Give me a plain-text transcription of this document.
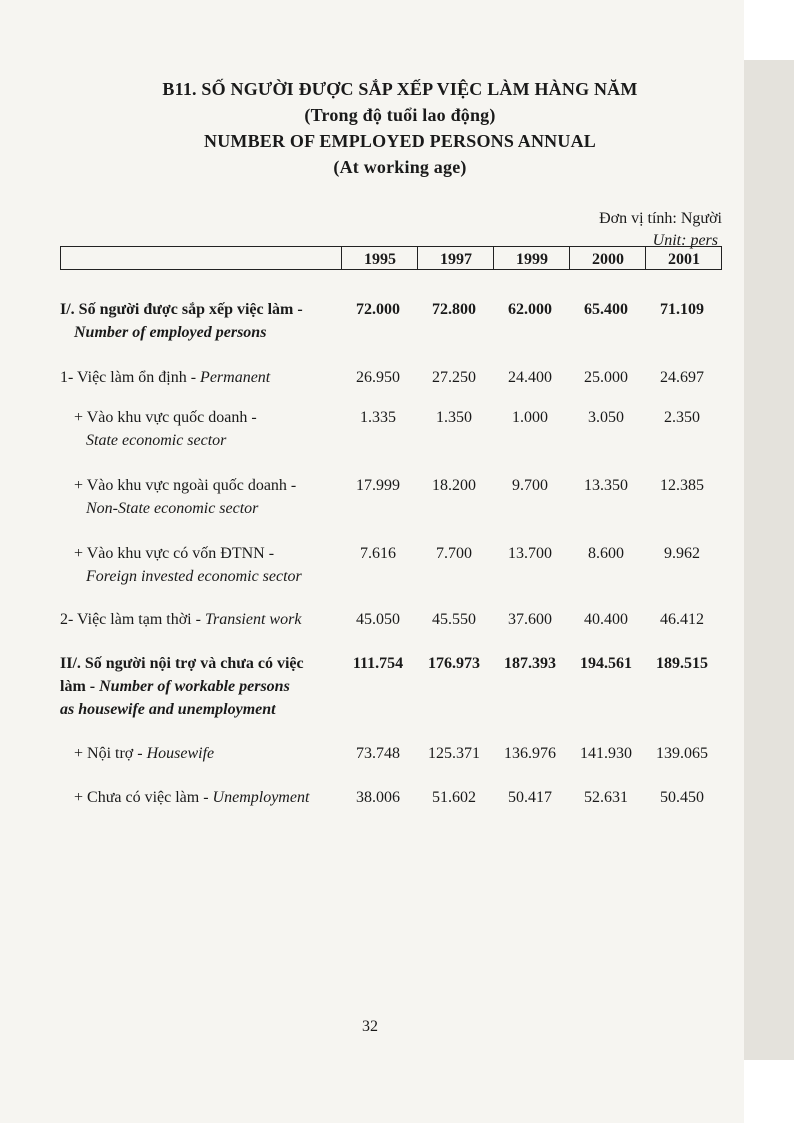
B11. SỐ NGƯỜI ĐƯỢC SẮP XẾP VIỆC LÀM HÀNG NĂM
(Trong độ tuổi lao động)
NUMBER OF EMPLOYED PERSONS ANNUAL
(At working age)
Đơn vị tính: Người
Unit: pers
1995	1997	1999	2000	2001
I/. Số người được sắp xếp việc làm -
Number of employed persons
72.000	72.800	62.000	65.400	71.109
1- Việc làm ổn định - Permanent	26.950	27.250	24.400	25.000	24.697
+ Vào khu vực quốc doanh -
State economic sector
1.335	1.350	1.000	3.050	2.350
+ Vào khu vực ngoài quốc doanh -
Non-State economic sector
17.999	18.200	9.700	13.350	12.385
+ Vào khu vực có vốn ĐTNN -
Foreign invested economic sector
7.616	7.700	13.700	8.600	9.962
2- Việc làm tạm thời - Transient work	45.050	45.550	37.600	40.400	46.412
II/. Số người nội trợ và chưa có việc
làm - Number of workable persons
as housewife and unemployment
111.754	176.973	187.393	194.561	189.515
+ Nội trợ - Housewife	73.748	125.371	136.976	141.930	139.065
+ Chưa có việc làm - Unemployment	38.006	51.602	50.417	52.631	50.450
32
